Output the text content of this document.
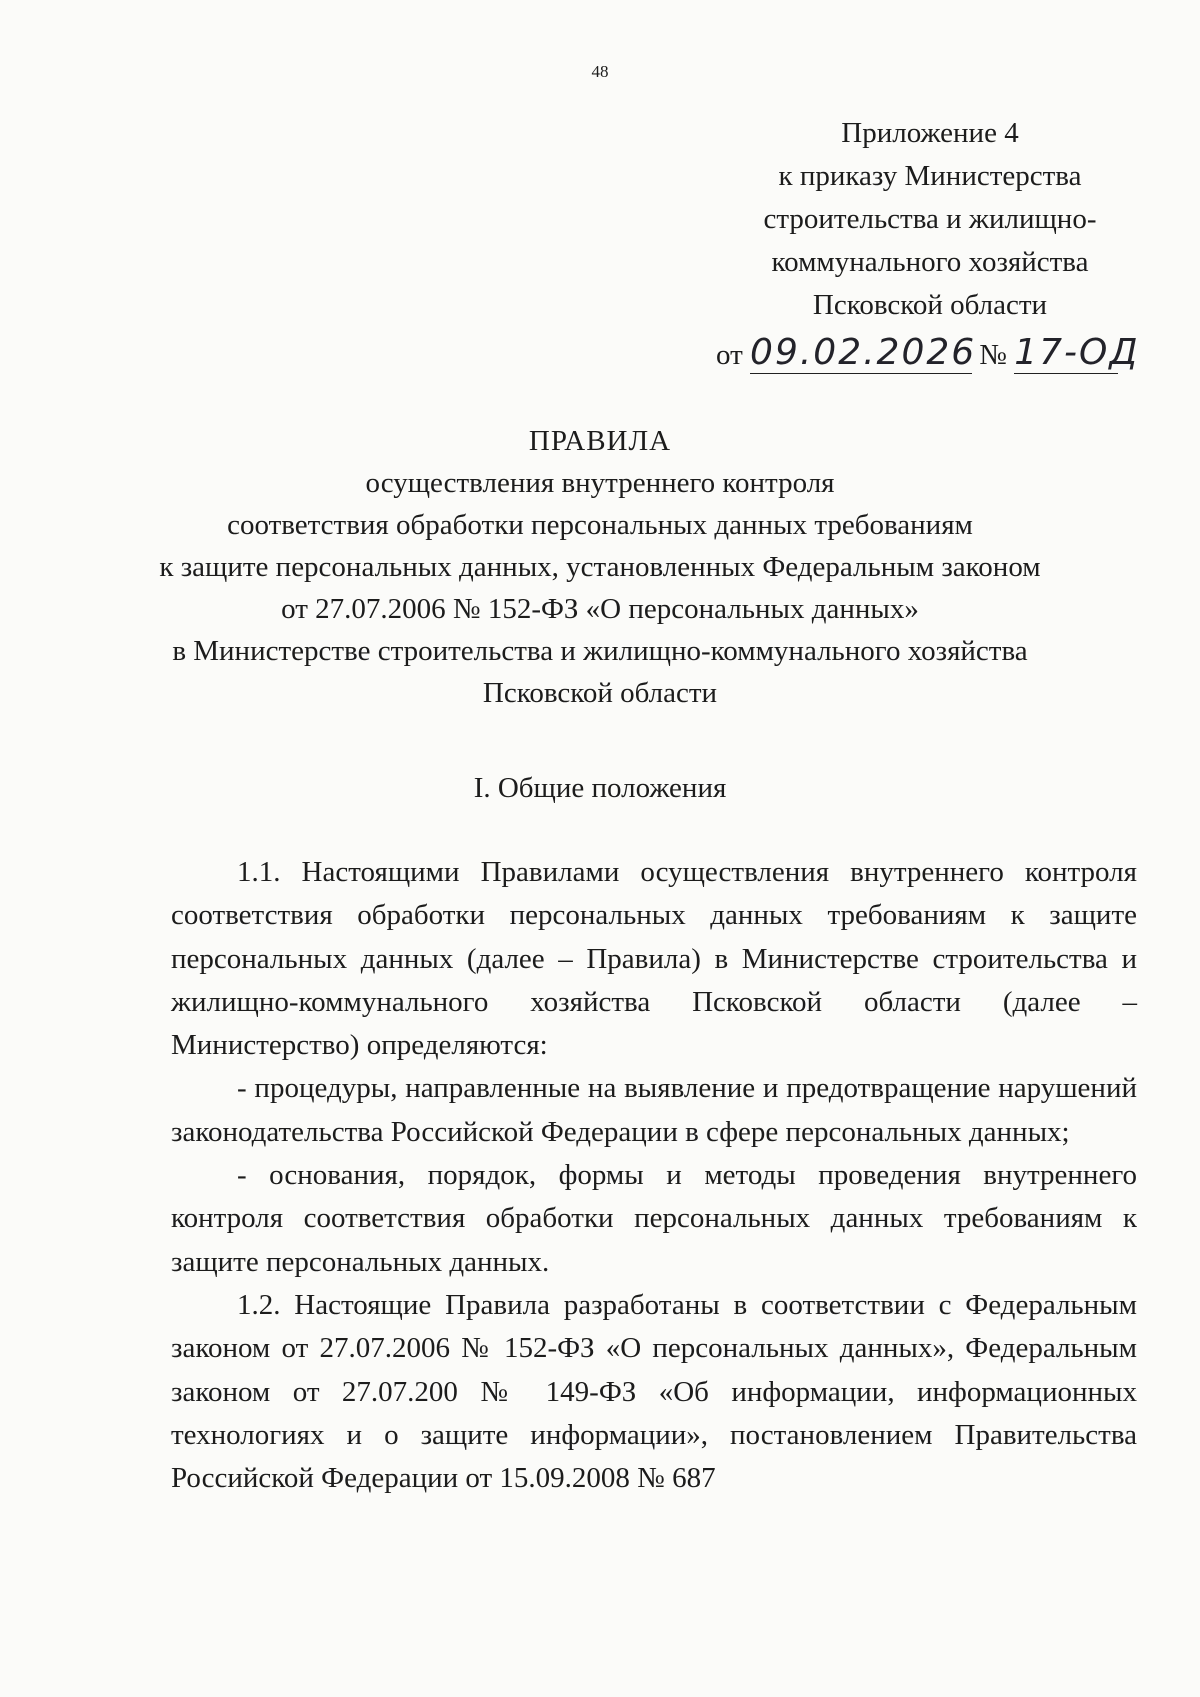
48
Приложение 4
к приказу Министерства
строительства и жилищно-
коммунального хозяйства
Псковской области
от 09.02.2026 № 17-ОД
ПРАВИЛА
осуществления внутреннего контроля
соответствия обработки персональных данных требованиям
к защите персональных данных, установленных Федеральным законом
от 27.07.2006 № 152-ФЗ «О персональных данных»
в Министерстве строительства и жилищно-коммунального хозяйства
Псковской области
I. Общие положения

1.1. Настоящими Правилами осуществления внутреннего контроля соответствия обработки персональных данных требованиям к защите персональных данных (далее – Правила) в Министерстве строительства и жилищно-коммунального хозяйства Псковской области (далее – Министерство) определяются:

- процедуры, направленные на выявление и предотвращение нарушений законодательства Российской Федерации в сфере персональных данных;

- основания, порядок, формы и методы проведения внутреннего контроля соответствия обработки персональных данных требованиям к защите персональных данных.

1.2. Настоящие Правила разработаны в соответствии с Федеральным законом от 27.07.2006 № 152-ФЗ «О персональных данных», Федеральным законом от 27.07.200 № 149-ФЗ «Об информации, информационных технологиях и о защите информации», постановлением Правительства Российской Федерации от 15.09.2008 № 687
